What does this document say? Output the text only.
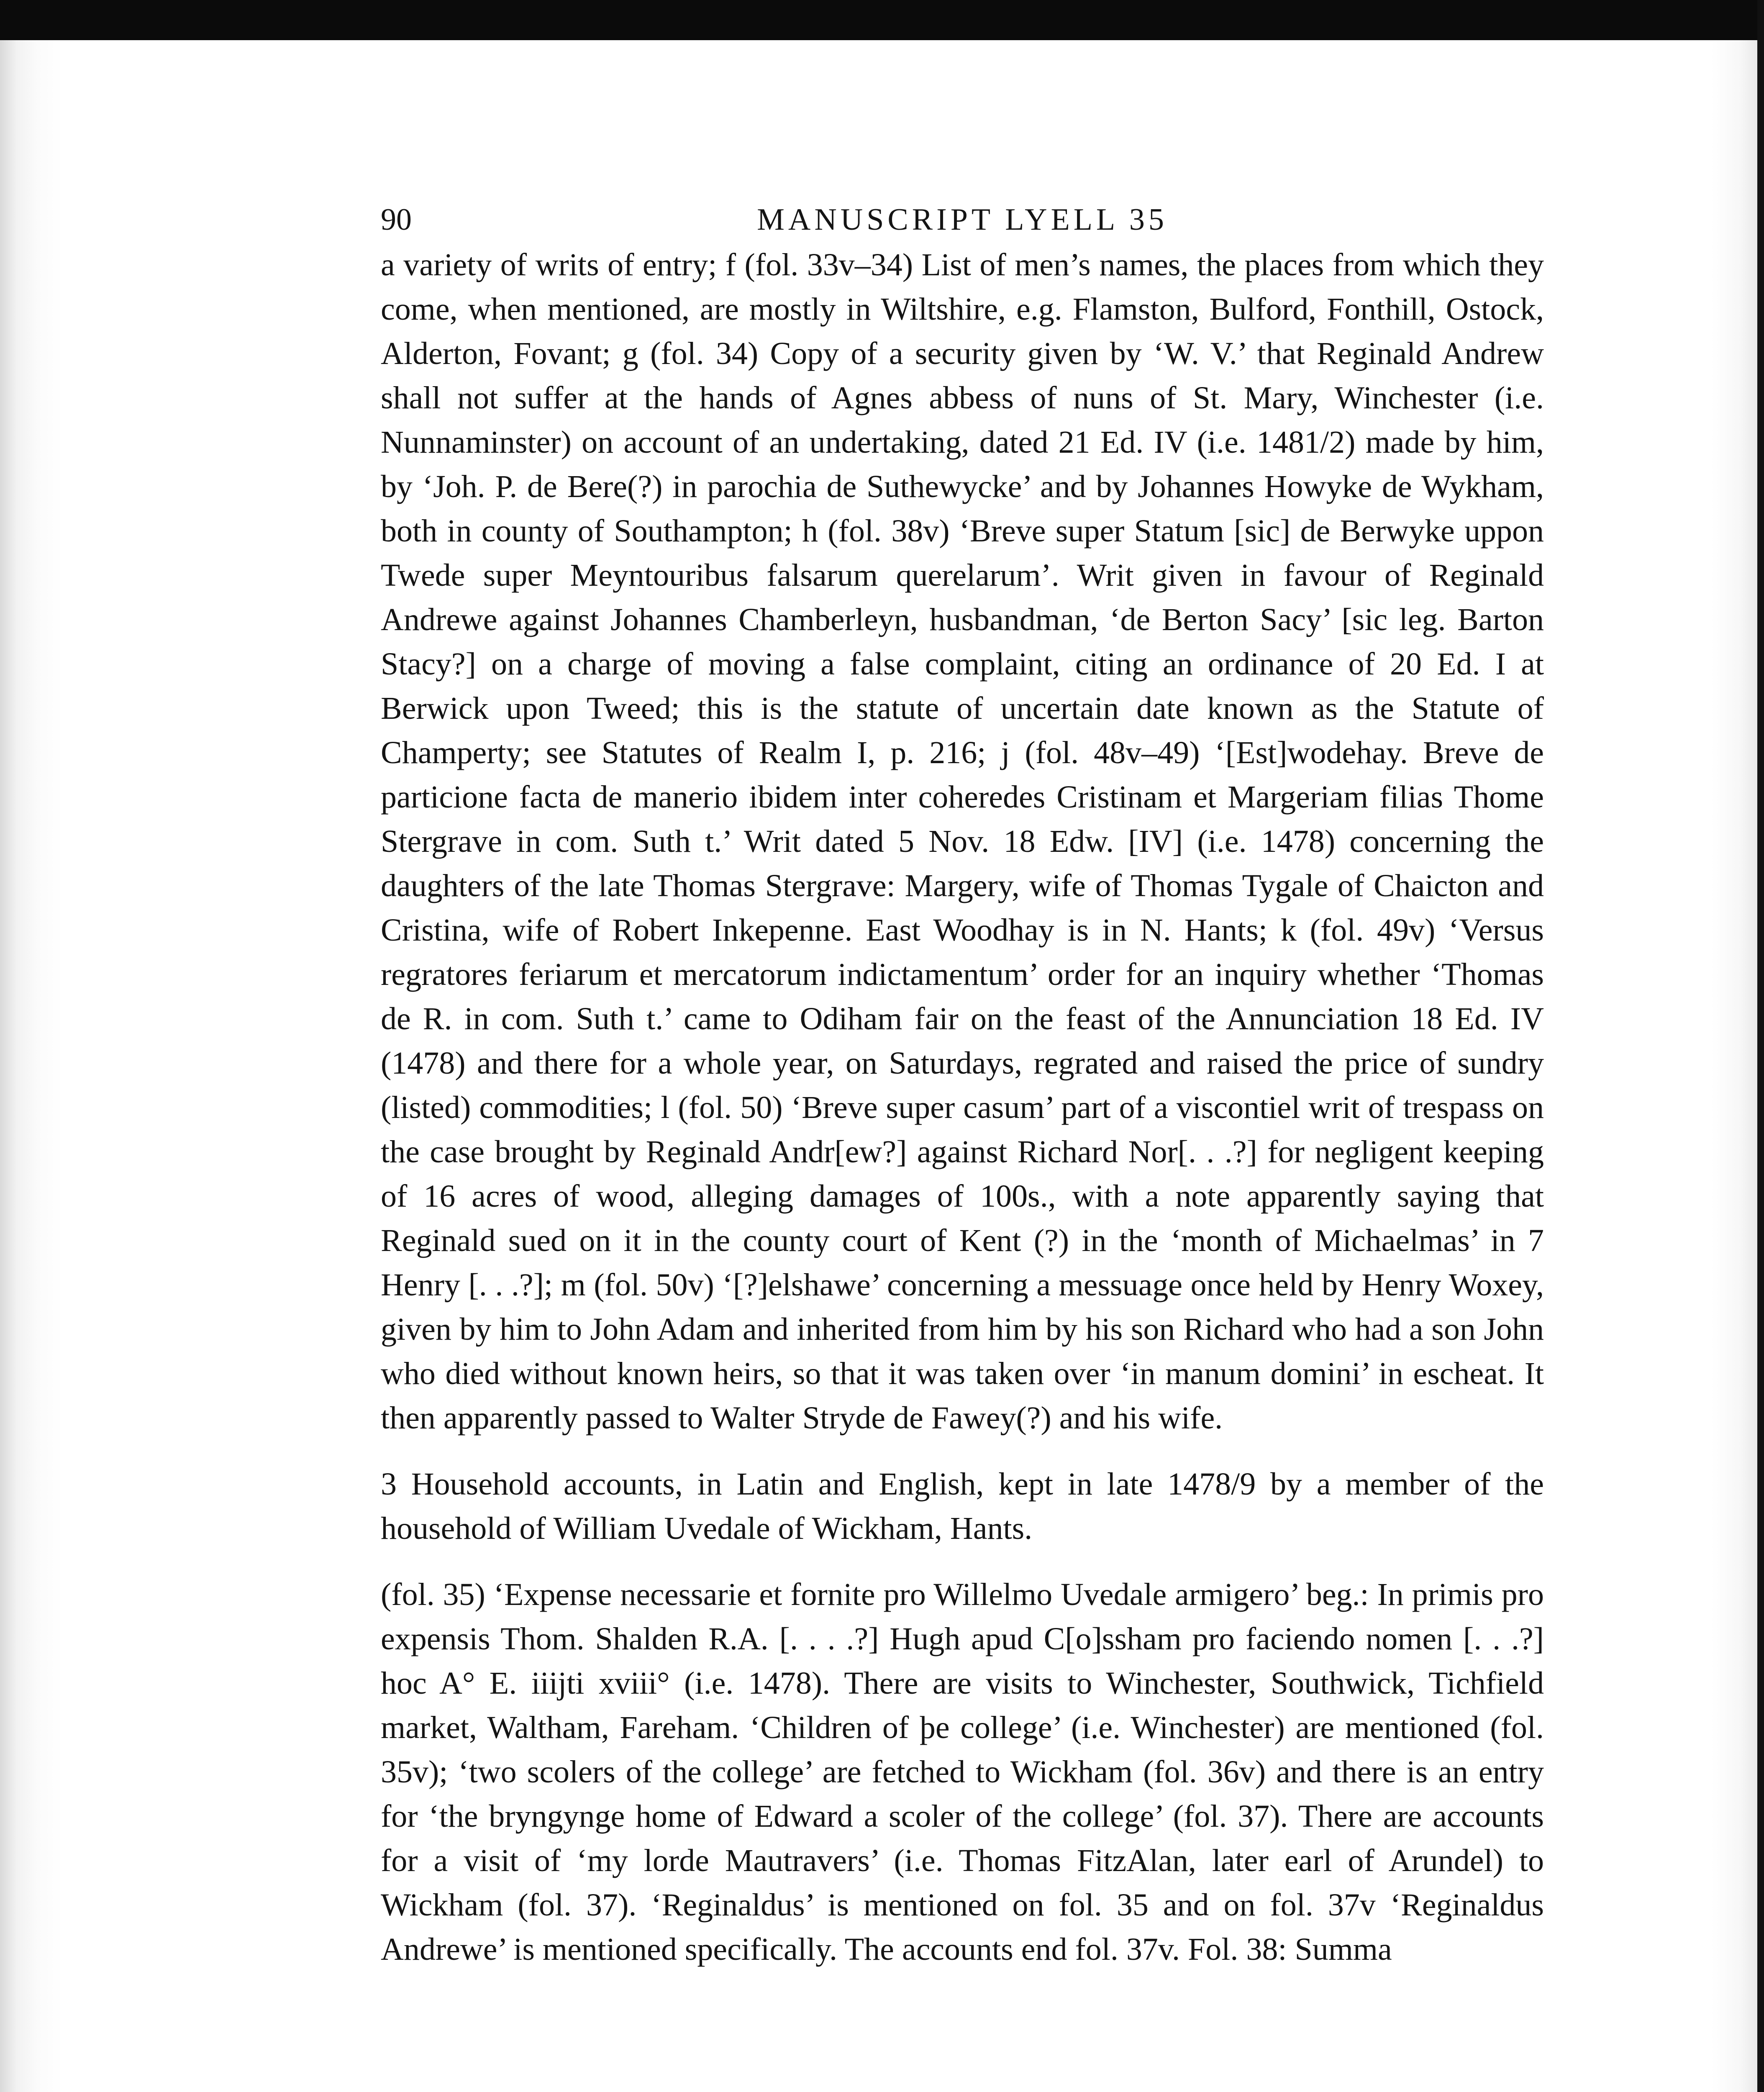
90	MANUSCRIPT LYELL 35

a variety of writs of entry; f (fol. 33v–34) List of men’s names, the places from which they come, when mentioned, are mostly in Wiltshire, e.g. Flamston, Bulford, Fonthill, Ostock, Alderton, Fovant; g (fol. 34) Copy of a security given by ‘W. V.’ that Reginald Andrew shall not suffer at the hands of Agnes abbess of nuns of St. Mary, Winchester (i.e. Nunnaminster) on account of an undertaking, dated 21 Ed. IV (i.e. 1481/2) made by him, by ‘Joh. P. de Bere(?) in parochia de Suthewycke’ and by Johannes Howyke de Wykham, both in county of Southampton; h (fol. 38v) ‘Breve super Statum [sic] de Berwyke uppon Twede super Meyntouribus falsarum querelarum’. Writ given in favour of Reginald Andrewe against Johannes Chamberleyn, husbandman, ‘de Berton Sacy’ [sic leg. Barton Stacy?] on a charge of moving a false complaint, citing an ordinance of 20 Ed. I at Berwick upon Tweed; this is the statute of uncertain date known as the Statute of Champerty; see Statutes of Realm I, p. 216; j (fol. 48v–49) ‘[Est]wodehay. Breve de particione facta de manerio ibidem inter coheredes Cristinam et Margeriam filias Thome Stergrave in com. Suth t.’ Writ dated 5 Nov. 18 Edw. [IV] (i.e. 1478) concerning the daughters of the late Thomas Stergrave: Margery, wife of Thomas Tygale of Chaicton and Cristina, wife of Robert Inkepenne. East Woodhay is in N. Hants; k (fol. 49v) ‘Versus regratores feriarum et mercatorum indictamentum’ order for an inquiry whether ‘Thomas de R. in com. Suth t.’ came to Odiham fair on the feast of the Annunciation 18 Ed. IV (1478) and there for a whole year, on Saturdays, regrated and raised the price of sundry (listed) commodities; l (fol. 50) ‘Breve super casum’ part of a viscontiel writ of trespass on the case brought by Reginald Andr[ew?] against Richard Nor[. . .?] for negligent keeping of 16 acres of wood, alleging damages of 100s., with a note apparently saying that Reginald sued on it in the county court of Kent (?) in the ‘month of Michaelmas’ in 7 Henry [. . .?]; m (fol. 50v) ‘[?]elshawe’ concerning a messuage once held by Henry Woxey, given by him to John Adam and inherited from him by his son Richard who had a son John who died without known heirs, so that it was taken over ‘in manum domini’ in escheat. It then apparently passed to Walter Stryde de Fawey(?) and his wife.

3 Household accounts, in Latin and English, kept in late 1478/9 by a member of the household of William Uvedale of Wickham, Hants.

(fol. 35) ‘Expense necessarie et fornite pro Willelmo Uvedale armigero’ beg.: In primis pro expensis Thom. Shalden R.A. [. . . .?] Hugh apud C[o]ssham pro faciendo nomen [. . .?] hoc A° E. iiijti xviii° (i.e. 1478). There are visits to Winchester, Southwick, Tichfield market, Waltham, Fareham. ‘Children of þe college’ (i.e. Winchester) are mentioned (fol. 35v); ‘two scolers of the college’ are fetched to Wickham (fol. 36v) and there is an entry for ‘the bryngynge home of Edward a scoler of the college’ (fol. 37). There are accounts for a visit of ‘my lorde Mautravers’ (i.e. Thomas FitzAlan, later earl of Arundel) to Wickham (fol. 37). ‘Reginaldus’ is mentioned on fol. 35 and on fol. 37v ‘Reginaldus Andrewe’ is mentioned specifically. The accounts end fol. 37v. Fol. 38: Summa
